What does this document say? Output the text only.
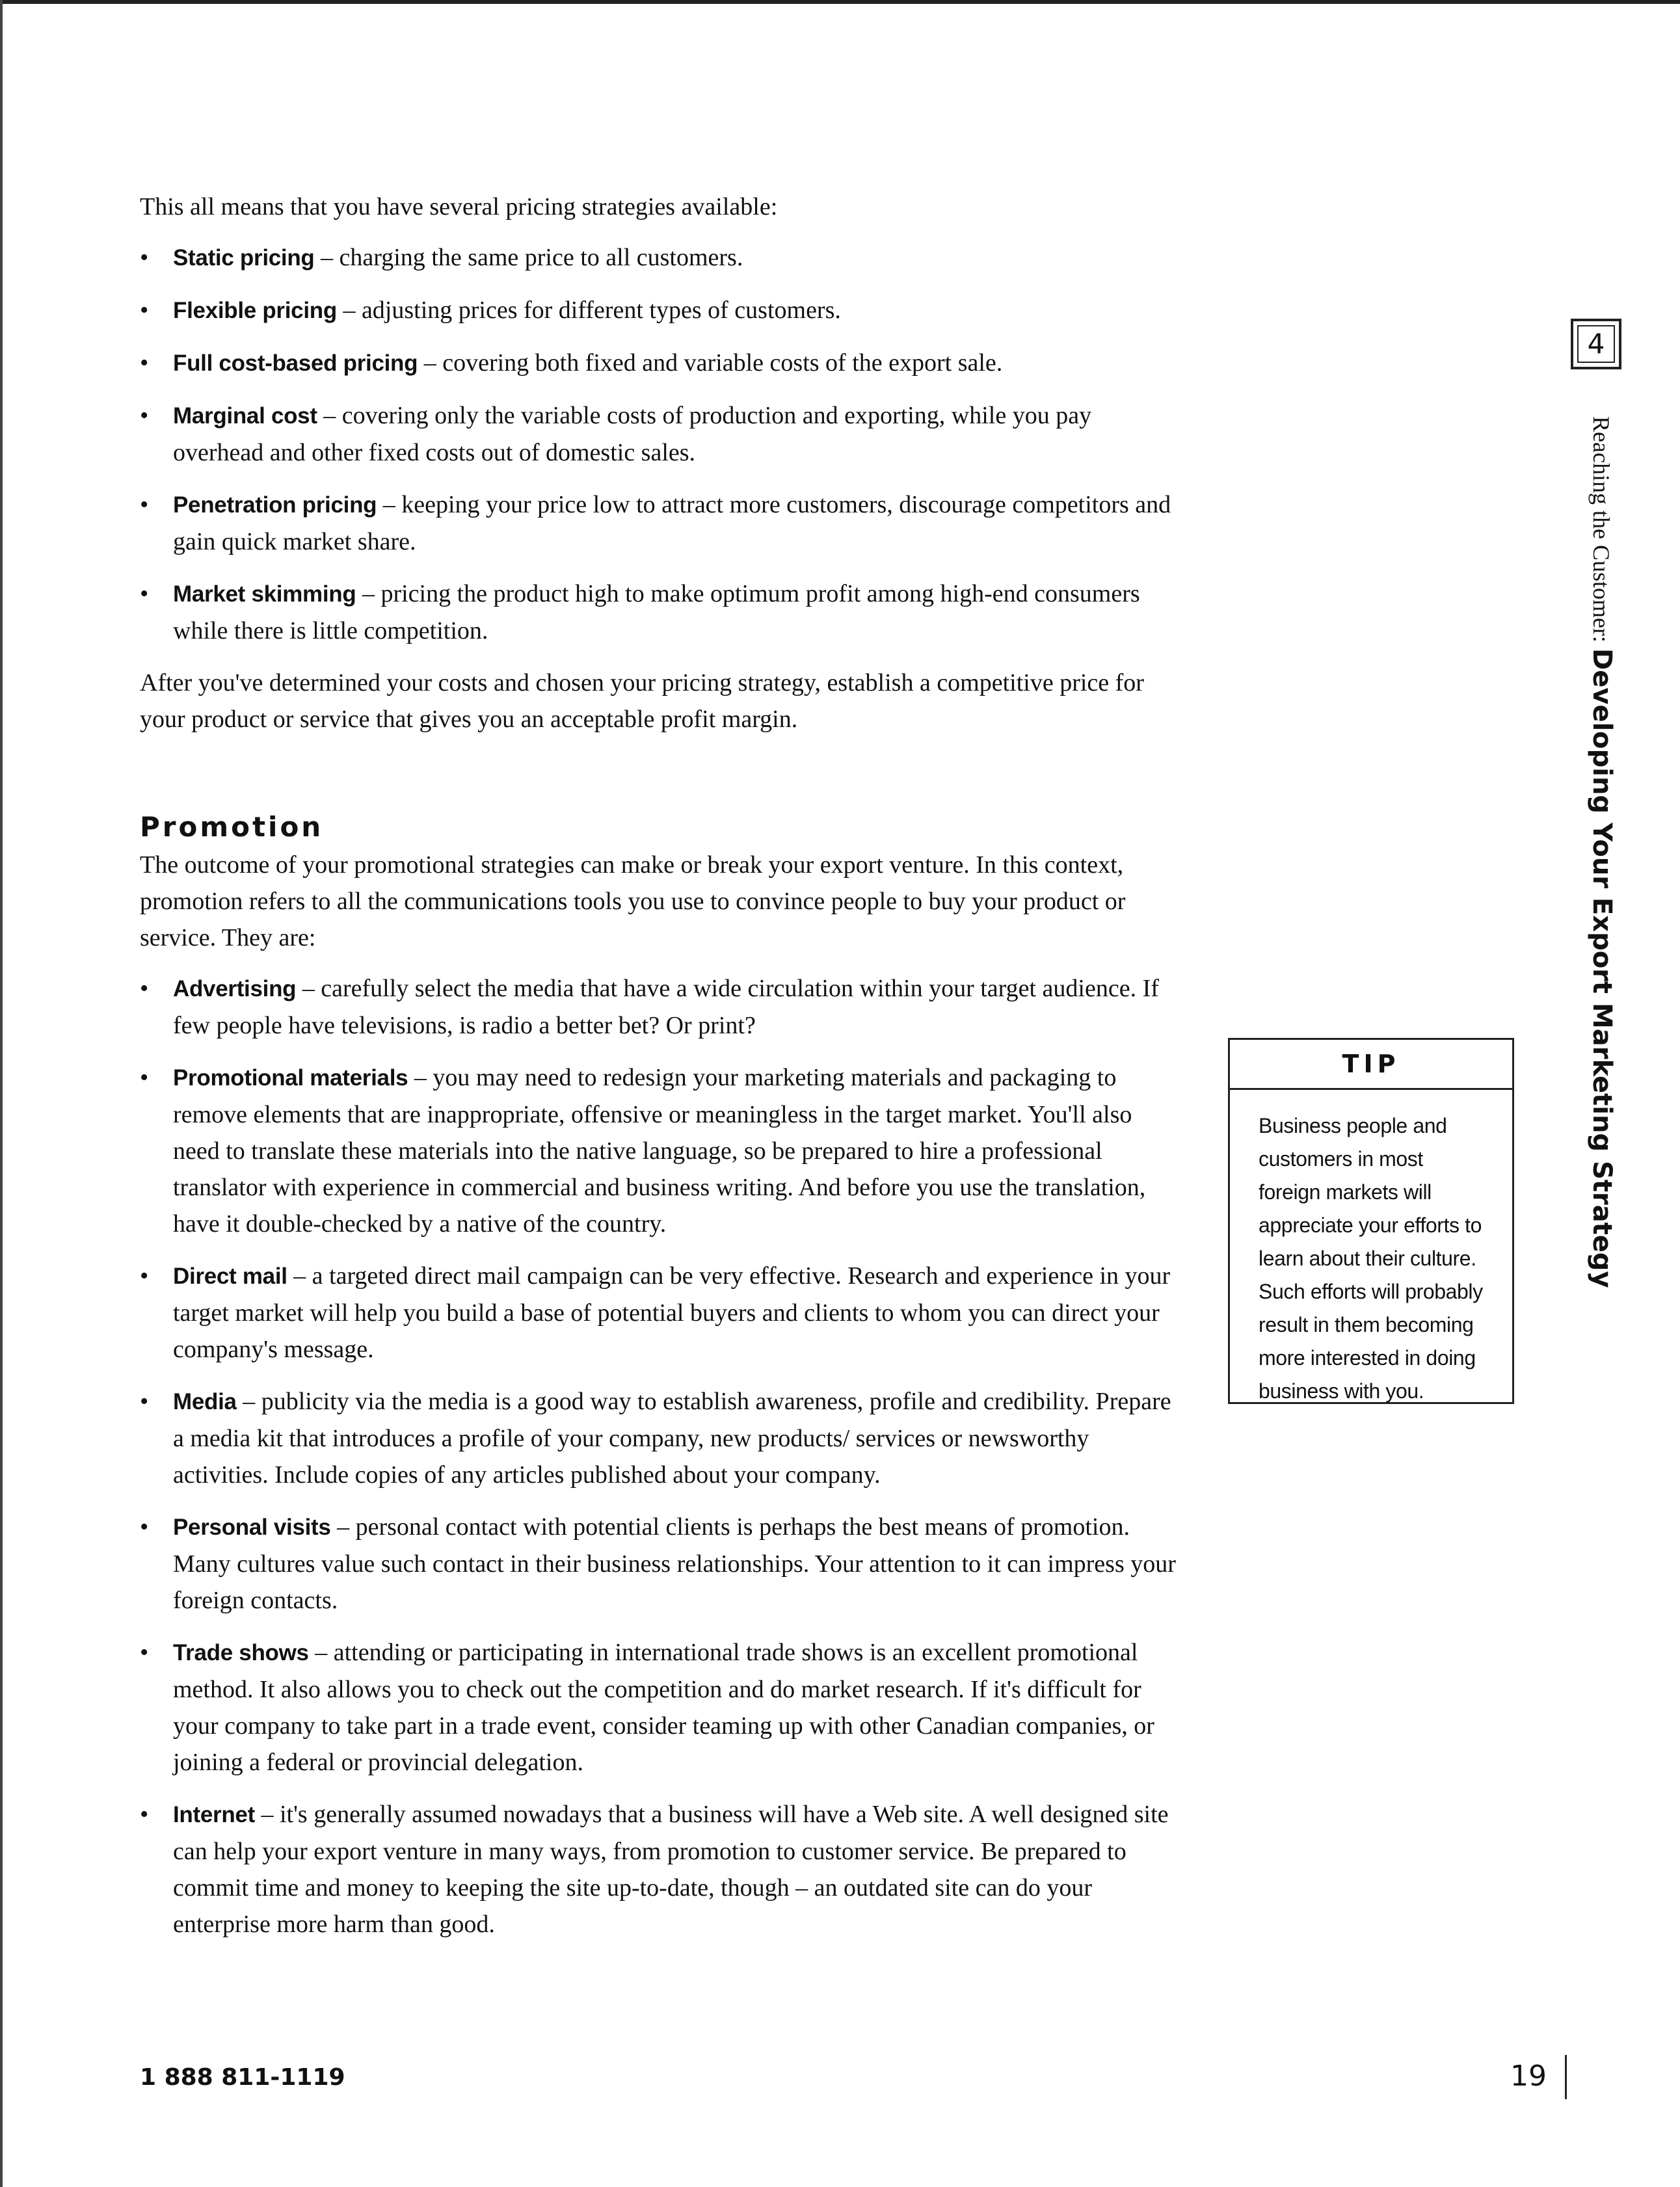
This all means that you have several pricing strategies available:

• Static pricing – charging the same price to all customers.
• Flexible pricing – adjusting prices for different types of customers.
• Full cost-based pricing – covering both fixed and variable costs of the export sale.
• Marginal cost – covering only the variable costs of production and exporting, while you pay overhead and other fixed costs out of domestic sales.
• Penetration pricing – keeping your price low to attract more customers, discourage competitors and gain quick market share.
• Market skimming – pricing the product high to make optimum profit among high-end consumers while there is little competition.

After you've determined your costs and chosen your pricing strategy, establish a competitive price for your product or service that gives you an acceptable profit margin.

Promotion

The outcome of your promotional strategies can make or break your export venture. In this context, promotion refers to all the communications tools you use to convince people to buy your product or service. They are:

• Advertising – carefully select the media that have a wide circulation within your target audience. If few people have televisions, is radio a better bet? Or print?
• Promotional materials – you may need to redesign your marketing materials and packaging to remove elements that are inappropriate, offensive or meaningless in the target market. You'll also need to translate these materials into the native language, so be prepared to hire a professional translator with experience in commercial and business writing. And before you use the translation, have it double-checked by a native of the country.
• Direct mail – a targeted direct mail campaign can be very effective. Research and experience in your target market will help you build a base of potential buyers and clients to whom you can direct your company's message.
• Media – publicity via the media is a good way to establish awareness, profile and credibility. Prepare a media kit that introduces a profile of your company, new products/ services or newsworthy activities. Include copies of any articles published about your company.
• Personal visits – personal contact with potential clients is perhaps the best means of promotion. Many cultures value such contact in their business relationships. Your attention to it can impress your foreign contacts.
• Trade shows – attending or participating in international trade shows is an excellent promotional method. It also allows you to check out the competition and do market research. If it's difficult for your company to take part in a trade event, consider teaming up with other Canadian companies, or joining a federal or provincial delegation.
• Internet – it's generally assumed nowadays that a business will have a Web site. A well designed site can help your export venture in many ways, from promotion to customer service. Be prepared to commit time and money to keeping the site up-to-date, though – an outdated site can do your enterprise more harm than good.
TIP
Business people and customers in most foreign markets will appreciate your efforts to learn about their culture. Such efforts will probably result in them becoming more interested in doing business with you.
4
Reaching the Customer: Developing Your Export Marketing Strategy
1 888 811-1119	19
